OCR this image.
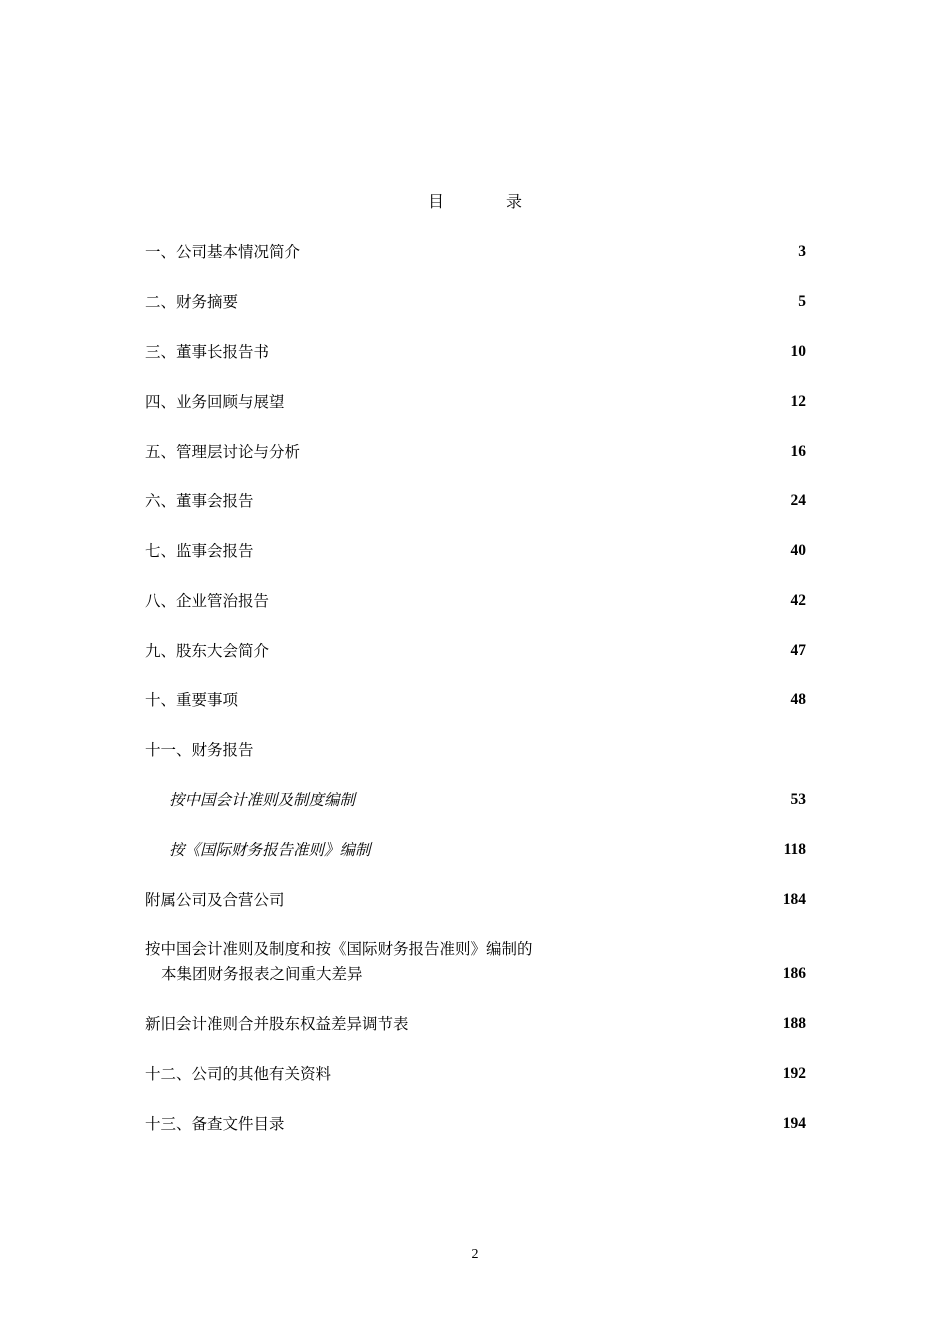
目	录
一、公司基本情况简介	3
二、财务摘要	5
三、董事长报告书	10
四、业务回顾与展望	12
五、管理层讨论与分析	16
六、董事会报告	24
七、监事会报告	40
八、企业管治报告	42
九、股东大会简介	47
十、重要事项	48
十一、财务报告
按中国会计准则及制度编制	53
按《国际财务报告准则》编制	118
附属公司及合营公司	184
按中国会计准则及制度和按《国际财务报告准则》编制的
本集团财务报表之间重大差异	186
新旧会计准则合并股东权益差异调节表	188
十二、公司的其他有关资料	192
十三、备查文件目录	194
2
